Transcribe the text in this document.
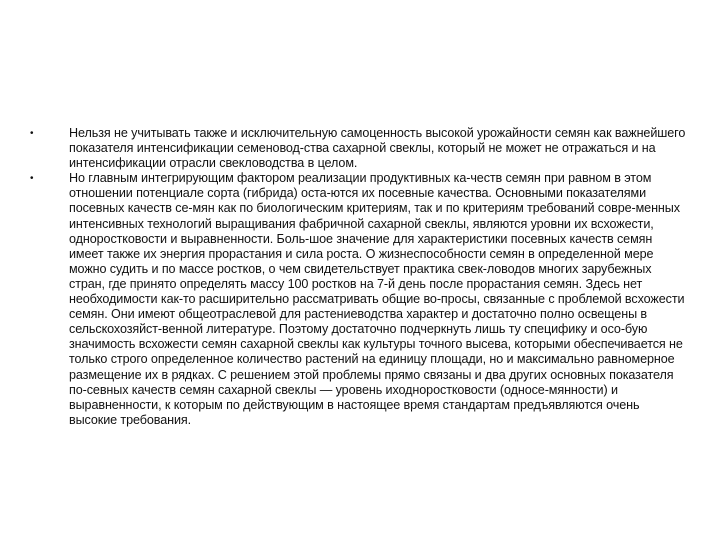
•	Нельзя не учитывать также и исключительную самоценность высокой урожайности семян как важнейшего показателя интенсификации семеновод-ства сахарной свеклы, который не может не отражаться и на интенсификации отрасли свекловодства в целом.
•	Но главным интегрирующим фактором реализации продуктивных ка-честв семян при равном в этом отношении потенциале сорта (гибрида) оста-ются их посевные качества. Основными показателями посевных качеств се-мян как по биологическим критериям, так и по критериям требований совре-менных интенсивных технологий выращивания фабричной сахарной свеклы, являются уровни их всхожести, одноростковости и выравненности. Боль-шое значение для характеристики посевных качеств семян имеет также их энергия прорастания и сила роста. О жизнеспособности семян в определенной мере можно судить и по массе ростков, о чем свидетельствует практика свек-ловодов многих зарубежных стран, где принято определять массу 100 ростков на 7-й день после прорастания семян. Здесь нет необходимости как-то расширительно рассматривать общие во-просы, связанные с проблемой всхожести семян. Они имеют общеотраслевой для растениеводства характер и достаточно полно освещены в сельскохозяйст-венной литературе. Поэтому достаточно подчеркнуть лишь ту специфику и осо-бую значимость всхожести семян сахарной свеклы как культуры точного высева, которыми обеспечивается не только строго определенное количество растений на единицу площади, но и максимально равномерное размещение их в рядках. С решением этой проблемы прямо связаны и два других основных показателя по-севных качеств семян сахарной свеклы — уровень иходноростковости (односе-мянности) и выравненности, к которым по действующим в настоящее время стандартам предъявляются очень высокие требования.
